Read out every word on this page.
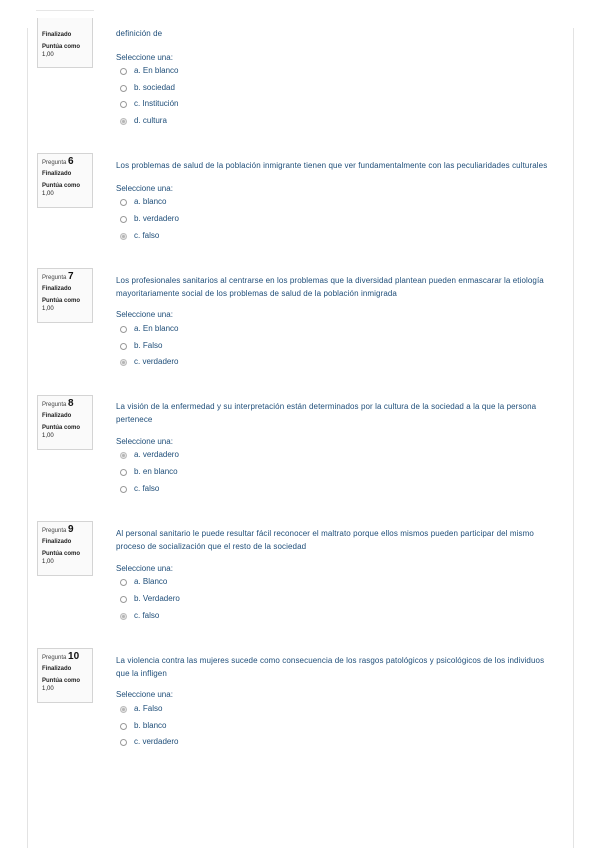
Finalizado
Puntúa como
1,00
definición de
Seleccione una:
a. En blanco
b. sociedad
c. Institución
d. cultura
Pregunta 6
Finalizado
Puntúa como
1,00
Los problemas de salud de la población inmigrante tienen que ver fundamentalmente con las peculiaridades culturales
Seleccione una:
a. blanco
b. verdadero
c. falso
Pregunta 7
Finalizado
Puntúa como
1,00
Los profesionales sanitarios al centrarse en los problemas que la diversidad plantean pueden enmascarar la etiología mayoritariamente social de los problemas de salud de la población inmigrada
Seleccione una:
a. En blanco
b. Falso
c. verdadero
Pregunta 8
Finalizado
Puntúa como
1,00
La visión de la enfermedad y su interpretación están determinados por la cultura de la sociedad a la que la persona pertenece
Seleccione una:
a. verdadero
b. en blanco
c. falso
Pregunta 9
Finalizado
Puntúa como
1,00
Al personal sanitario le puede resultar fácil reconocer el maltrato porque ellos mismos pueden participar del mismo proceso de socialización que el resto de la sociedad
Seleccione una:
a. Blanco
b. Verdadero
c. falso
Pregunta 10
Finalizado
Puntúa como
1,00
La violencia contra las mujeres sucede como consecuencia de los rasgos patológicos y psicológicos de los individuos que la infligen
Seleccione una:
a. Falso
b. blanco
c. verdadero
